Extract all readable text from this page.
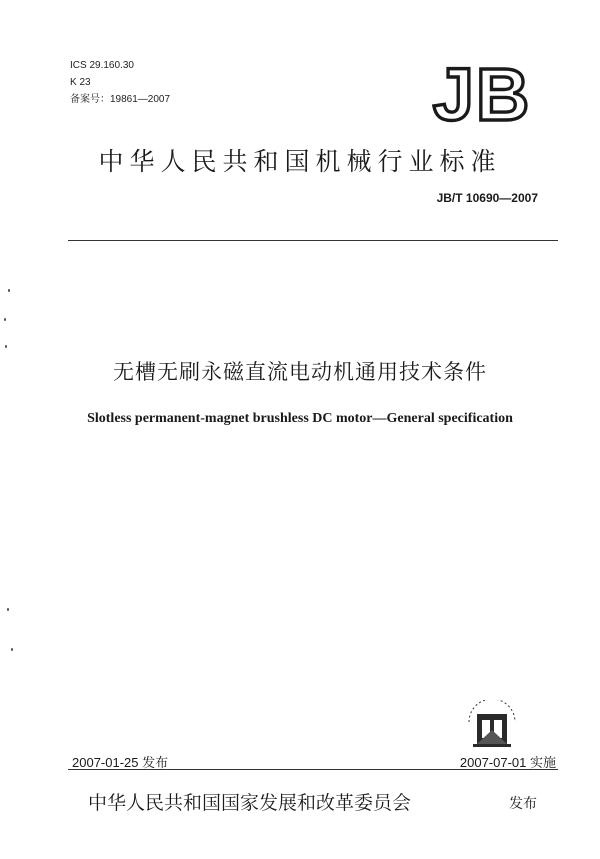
ICS 29.160.30
K 23
备案号：19861—2007	JB
中华人民共和国机械行业标准
JB/T 10690—2007
无槽无刷永磁直流电动机通用技术条件
Slotless permanent-magnet brushless DC motor—General specification
2007-01-25 发布	2007-07-01 实施
中华人民共和国国家发展和改革委员会	发布
